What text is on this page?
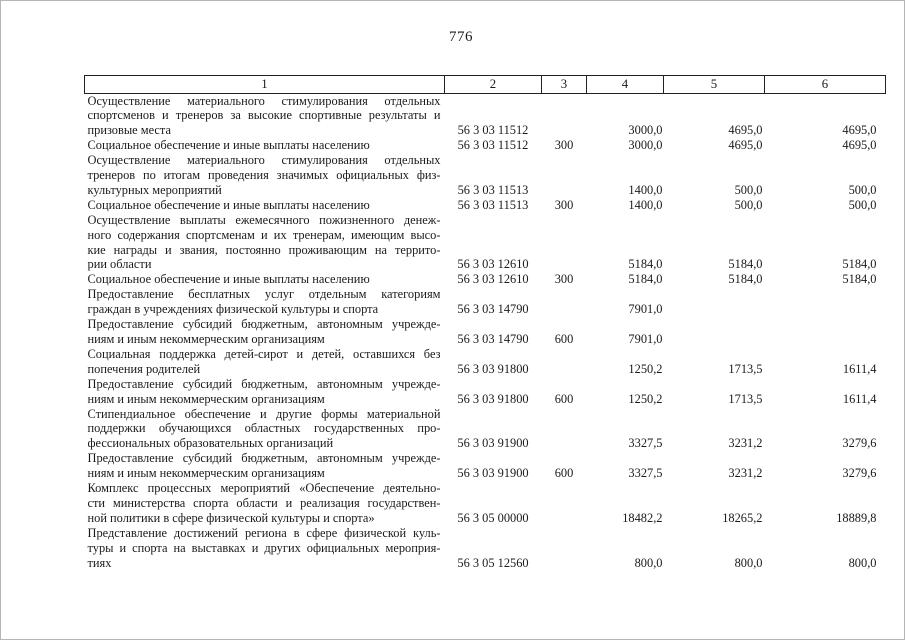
776
1	2	3	4	5	6

Осуществление материального стимулирования отдельных
спортсменов и тренеров за высокие спортивные результаты и
призовые места	56 3 03 11512		3000,0	4695,0	4695,0

Социальное обеспечение и иные выплаты населению	56 3 03 11512	300	3000,0	4695,0	4695,0

Осуществление материального стимулирования отдельных
тренеров по итогам проведения значимых официальных физ-
культурных мероприятий	56 3 03 11513		1400,0	500,0	500,0

Социальное обеспечение и иные выплаты населению	56 3 03 11513	300	1400,0	500,0	500,0

Осуществление выплаты ежемесячного пожизненного денеж-
ного содержания спортсменам и их тренерам, имеющим высо-
кие награды и звания, постоянно проживающим на террито-
рии области	56 3 03 12610		5184,0	5184,0	5184,0

Социальное обеспечение и иные выплаты населению	56 3 03 12610	300	5184,0	5184,0	5184,0

Предоставление бесплатных услуг отдельным категориям
граждан в учреждениях физической культуры и спорта	56 3 03 14790		7901,0		

Предоставление субсидий бюджетным, автономным учрежде-
ниям и иным некоммерческим организациям	56 3 03 14790	600	7901,0		

Социальная поддержка детей-сирот и детей, оставшихся без
попечения родителей	56 3 03 91800		1250,2	1713,5	1611,4

Предоставление субсидий бюджетным, автономным учрежде-
ниям и иным некоммерческим организациям	56 3 03 91800	600	1250,2	1713,5	1611,4

Стипендиальное обеспечение и другие формы материальной
поддержки обучающихся областных государственных про-
фессиональных образовательных организаций	56 3 03 91900		3327,5	3231,2	3279,6

Предоставление субсидий бюджетным, автономным учрежде-
ниям и иным некоммерческим организациям	56 3 03 91900	600	3327,5	3231,2	3279,6

Комплекс процессных мероприятий «Обеспечение деятельно-
сти министерства спорта области и реализация государствен-
ной политики в сфере физической культуры и спорта»	56 3 05 00000		18482,2	18265,2	18889,8

Представление достижений региона в сфере физической куль-
туры и спорта на выставках и других официальных мероприя-
тиях	56 3 05 12560		800,0	800,0	800,0
